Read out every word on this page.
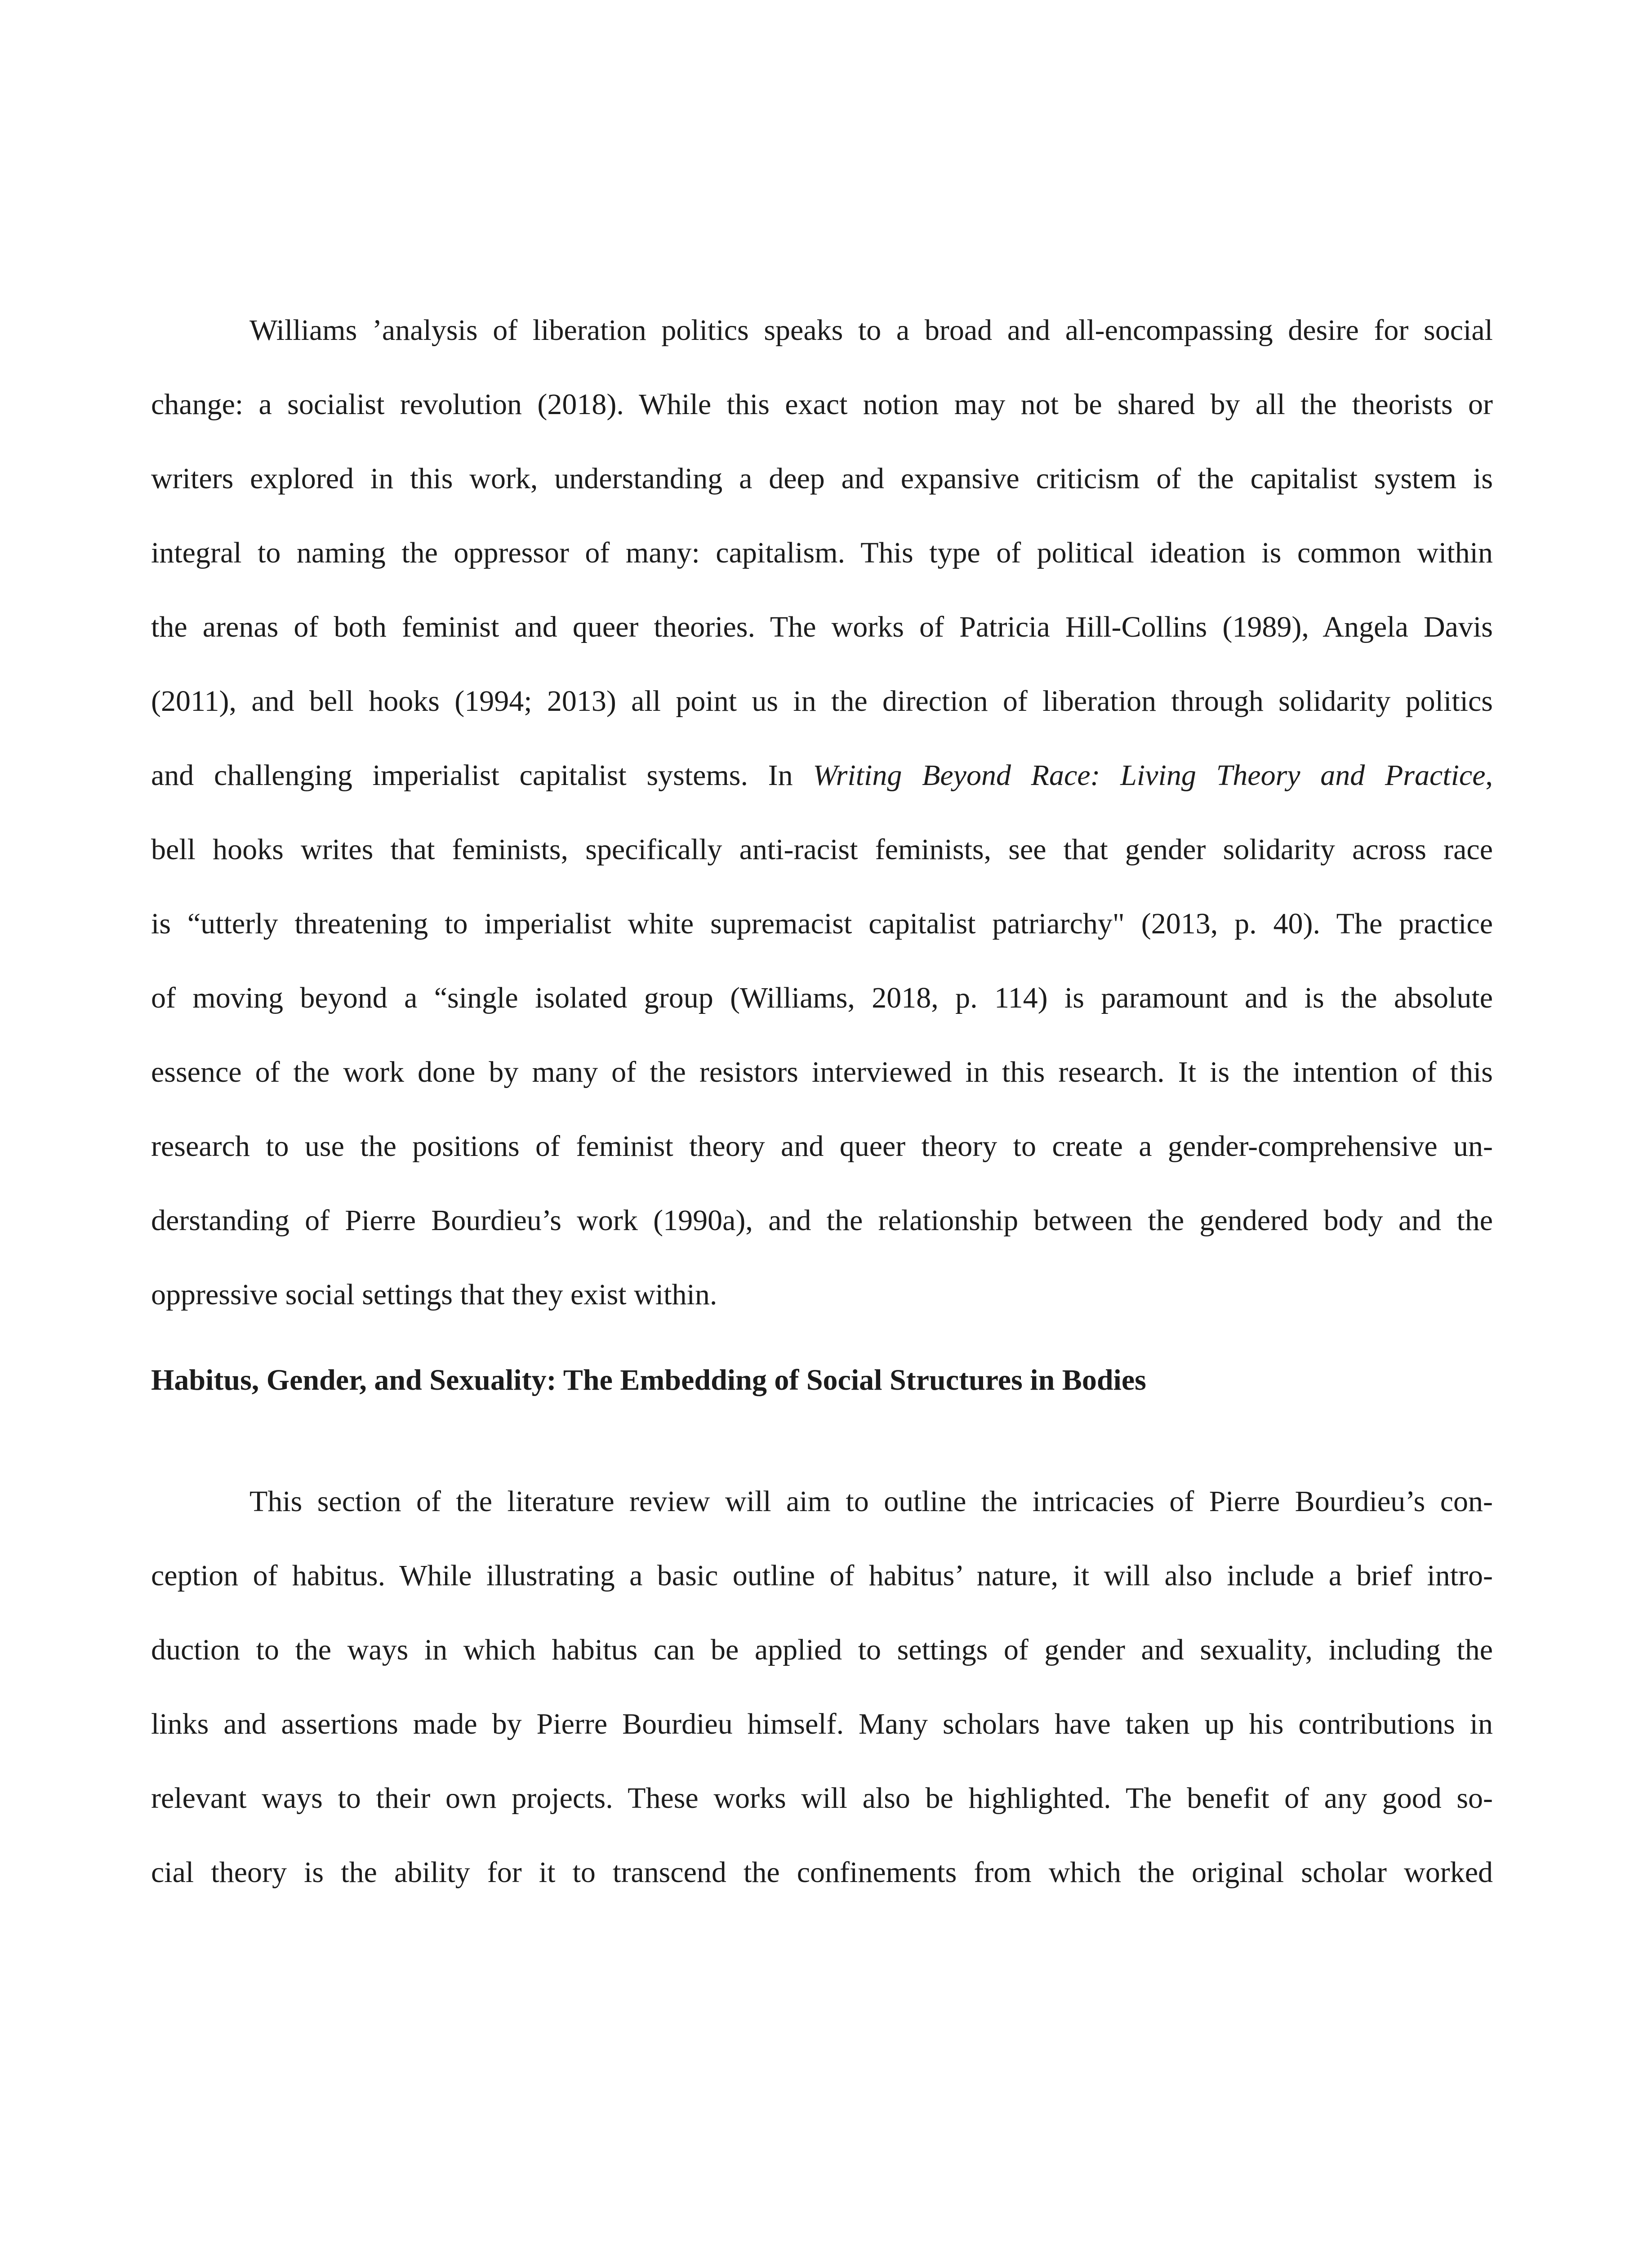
Williams ’analysis of liberation politics speaks to a broad and all-encompassing desire for social

change: a socialist revolution (2018). While this exact notion may not be shared by all the theorists or

writers explored in this work, understanding a deep and expansive criticism of the capitalist system is

integral to naming the oppressor of many: capitalism. This type of political ideation is common within

the arenas of both feminist and queer theories. The works of Patricia Hill-Collins (1989), Angela Davis

(2011), and bell hooks (1994; 2013) all point us in the direction of liberation through solidarity politics

and challenging imperialist capitalist systems. In Writing Beyond Race: Living Theory and Practice,

bell hooks writes that feminists, specifically anti-racist feminists, see that gender solidarity across race

is “utterly threatening to imperialist white supremacist capitalist patriarchy" (2013, p. 40). The practice

of moving beyond a “single isolated group (Williams, 2018, p. 114) is paramount and is the absolute

essence of the work done by many of the resistors interviewed in this research. It is the intention of this

research to use the positions of feminist theory and queer theory to create a gender-comprehensive un-

derstanding of Pierre Bourdieu’s work (1990a), and the relationship between the gendered body and the

oppressive social settings that they exist within.

Habitus, Gender, and Sexuality: The Embedding of Social Structures in Bodies

This section of the literature review will aim to outline the intricacies of Pierre Bourdieu’s con-

ception of habitus. While illustrating a basic outline of habitus’ nature, it will also include a brief intro-

duction to the ways in which habitus can be applied to settings of gender and sexuality, including the

links and assertions made by Pierre Bourdieu himself. Many scholars have taken up his contributions in

relevant ways to their own projects. These works will also be highlighted. The benefit of any good so-

cial theory is the ability for it to transcend the confinements from which the original scholar worked
